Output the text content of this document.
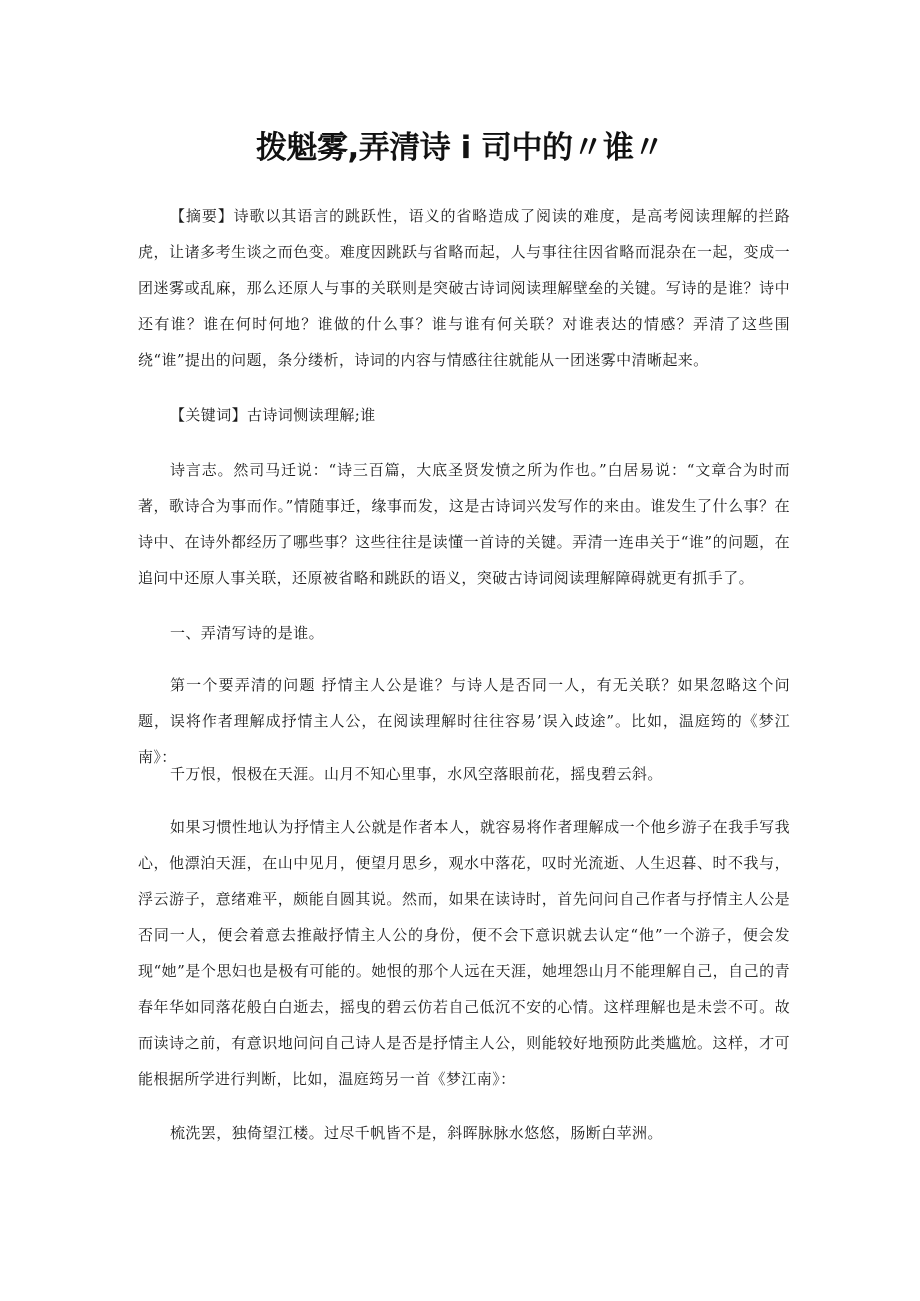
拨魁雾,弄清诗 i 司中的〃谁〃

【摘要】诗歌以其语言的跳跃性，语义的省略造成了阅读的难度，是高考阅读理解的拦路虎，让诸多考生谈之而色变。难度因跳跃与省略而起，人与事往往因省略而混杂在一起，变成一团迷雾或乱麻，那么还原人与事的关联则是突破古诗词阅读理解壁垒的关键。写诗的是谁？诗中还有谁？谁在何时何地？谁做的什么事？谁与谁有何关联？对谁表达的情感？弄清了这些围绕“谁”提出的问题，条分缕析，诗词的内容与情感往往就能从一团迷雾中清晰起来。

【关键词】古诗词恻读理解;谁

诗言志。然司马迁说：“诗三百篇，大底圣贤发愤之所为作也。”白居易说：“文章合为时而著，歌诗合为事而作。”情随事迁，缘事而发，这是古诗词兴发写作的来由。谁发生了什么事？在诗中、在诗外都经历了哪些事？这些往往是读懂一首诗的关键。弄清一连串关于“谁”的问题，在追问中还原人事关联，还原被省略和跳跃的语义，突破古诗词阅读理解障碍就更有抓手了。

一、弄清写诗的是谁。

第一个要弄清的问题 抒情主人公是谁？与诗人是否同一人，有无关联？如果忽略这个问题，误将作者理解成抒情主人公，在阅读理解时往往容易’误入歧途”。比如，温庭筠的《梦江南》：

千万恨，恨极在天涯。山月不知心里事，水风空落眼前花，摇曳碧云斜。

如果习惯性地认为抒情主人公就是作者本人，就容易将作者理解成一个他乡游子在我手写我心，他漂泊天涯，在山中见月，便望月思乡，观水中落花，叹时光流逝、人生迟暮、时不我与，浮云游子，意绪难平，颇能自圆其说。然而，如果在读诗时，首先问问自己作者与抒情主人公是否同一人，便会着意去推敲抒情主人公的身份，便不会下意识就去认定“他”一个游子，便会发现“她”是个思妇也是极有可能的。她恨的那个人远在天涯，她埋怨山月不能理解自己，自己的青春年华如同落花般白白逝去，摇曳的碧云仿若自己低沉不安的心情。这样理解也是未尝不可。故而读诗之前，有意识地问问自己诗人是否是抒情主人公，则能较好地预防此类尴尬。这样，才可能根据所学进行判断，比如，温庭筠另一首《梦江南》：

梳洗罢，独倚望江楼。过尽千帆皆不是，斜晖脉脉水悠悠，肠断白苹洲。
